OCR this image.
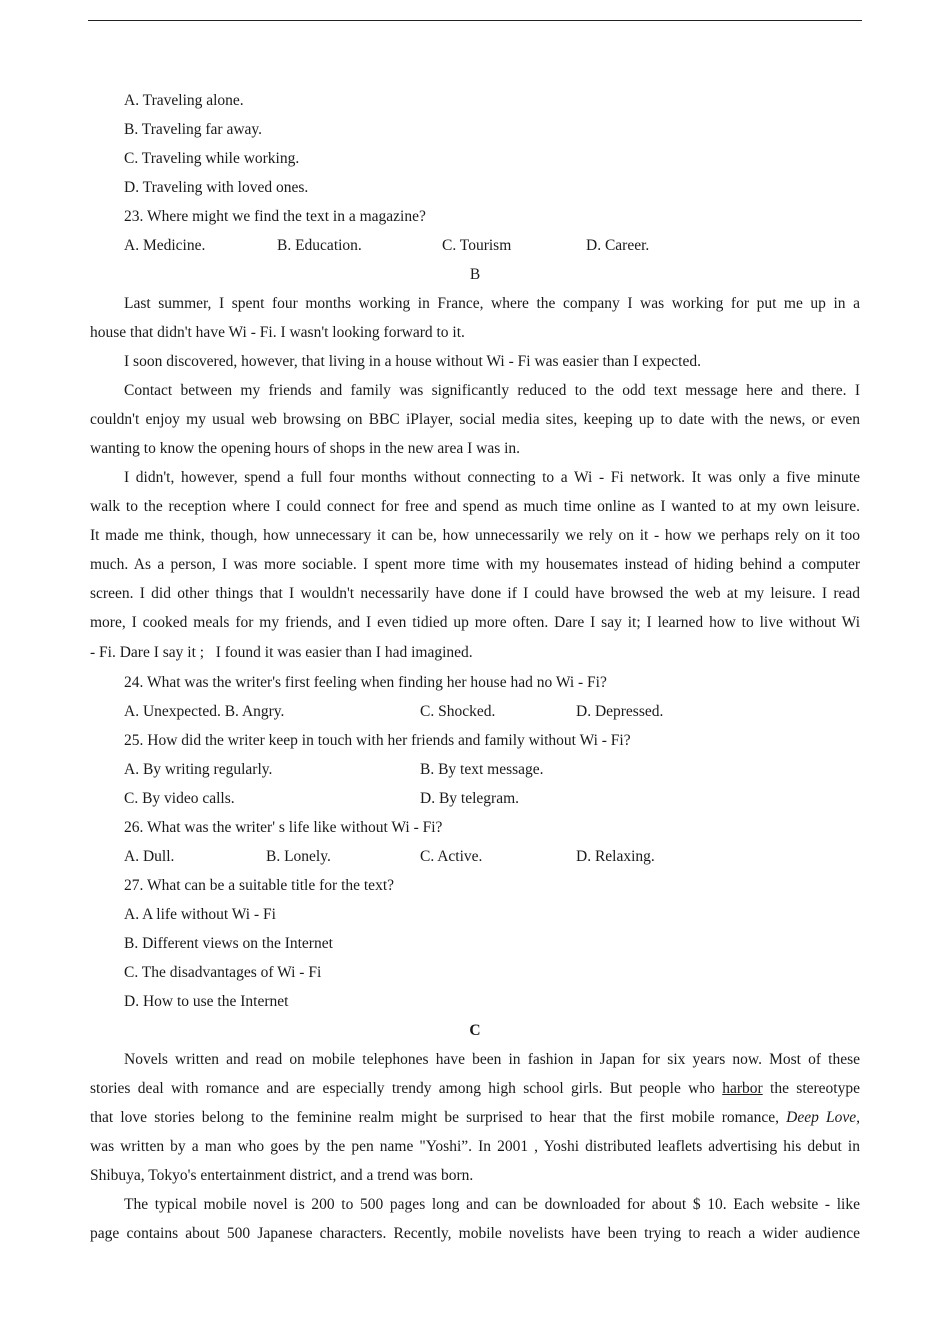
A. Traveling alone.
B. Traveling far away.
C. Traveling while working.
D. Traveling with loved ones.
23. Where might we find the text in a magazine?
A. Medicine.	B. Education.	C. Tourism	D. Career.
B
Last summer, I spent four months working in France, where the company I was working for put me up in a
house that didn't have Wi - Fi. I wasn't looking forward to it.
I soon discovered, however, that living in a house without Wi - Fi was easier than I expected.
Contact between my friends and family was significantly reduced to the odd text message here and there. I
couldn't enjoy my usual web browsing on BBC iPlayer, social media sites, keeping up to date with the news, or even
wanting to know the opening hours of shops in the new area I was in.
I didn't, however, spend a full four months without connecting to a Wi - Fi network. It was only a five minute
walk to the reception where I could connect for free and spend as much time online as I wanted to at my own leisure.
It made me think, though, how unnecessary it can be, how unnecessarily we rely on it - how we perhaps rely on it too
much. As a person, I was more sociable. I spent more time with my housemates instead of hiding behind a computer
screen. I did other things that I wouldn't necessarily have done if I could have browsed the web at my leisure. I read
more, I cooked meals for my friends, and I even tidied up more often. Dare I say it; I learned how to live without Wi
- Fi. Dare I say it ;   I found it was easier than I had imagined.
24. What was the writer's first feeling when finding her house had no Wi - Fi?
A. Unexpected. B. Angry.	C. Shocked.	D. Depressed.
25. How did the writer keep in touch with her friends and family without Wi - Fi?
A. By writing regularly.	B. By text message.
C. By video calls.	D. By telegram.
26. What was the writer' s life like without Wi - Fi?
A. Dull.	B. Lonely.	C. Active.	D. Relaxing.
27. What can be a suitable title for the text?
A. A life without Wi - Fi
B. Different views on the Internet
C. The disadvantages of Wi - Fi
D. How to use the Internet
C
Novels written and read on mobile telephones have been in fashion in Japan for six years now. Most of these
stories deal with romance and are especially trendy among high school girls. But people who harbor the stereotype
that love stories belong to the feminine realm might be surprised to hear that the first mobile romance, Deep Love,
was written by a man who goes by the pen name "Yoshi”. In 2001 , Yoshi distributed leaflets advertising his debut in
Shibuya, Tokyo's entertainment district, and a trend was born.
The typical mobile novel is 200 to 500 pages long and can be downloaded for about $ 10. Each website - like
page contains about 500 Japanese characters. Recently, mobile novelists have been trying to reach a wider audience
